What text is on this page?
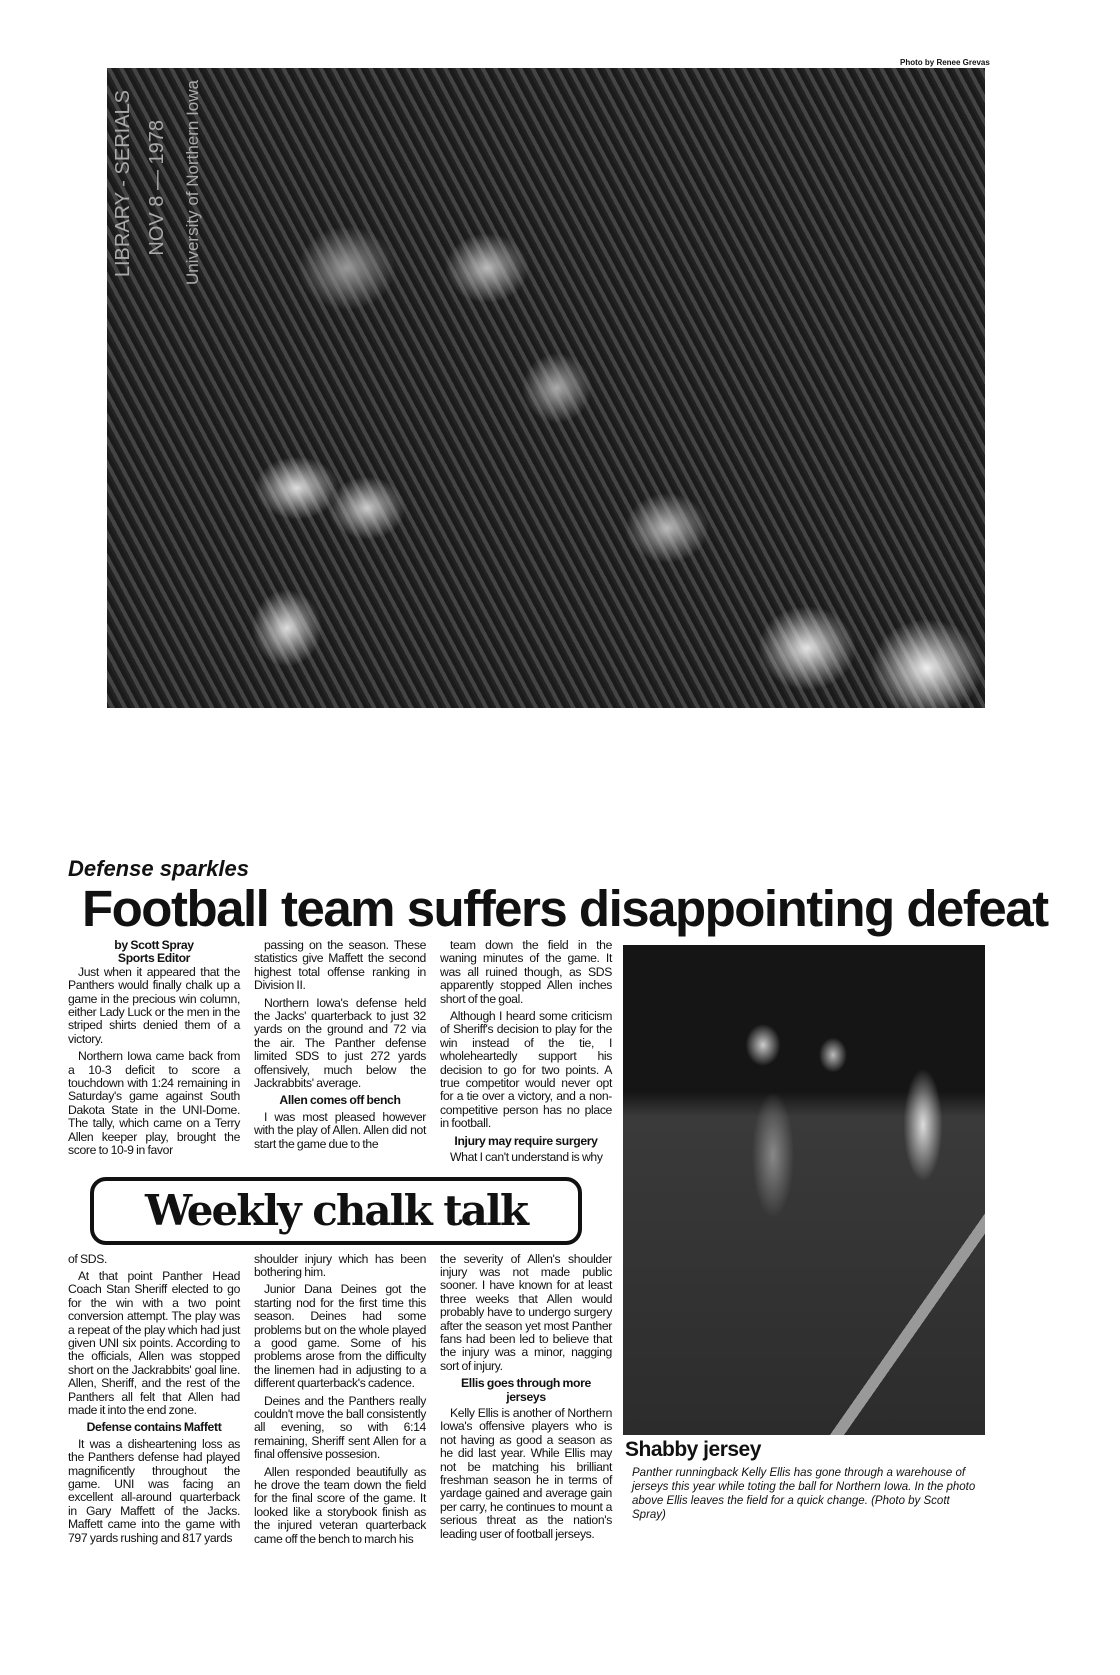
Photo by Renee Grevas
LIBRARY - SERIALS NOV 8 — 1978 University of Northern Iowa
Defense sparkles
Football team suffers disappointing defeat
by Scott Spray
Sports Editor

Just when it appeared that the Panthers would finally chalk up a game in the precious win column, either Lady Luck or the men in the striped shirts denied them of a victory.

Northern Iowa came back from a 10-3 deficit to score a touchdown with 1:24 remaining in Saturday's game against South Dakota State in the UNI-Dome. The tally, which came on a Terry Allen keeper play, brought the score to 10-9 in favor

passing on the season. These statistics give Maffett the second highest total offense ranking in Division II.

Northern Iowa's defense held the Jacks' quarterback to just 32 yards on the ground and 72 via the air. The Panther defense limited SDS to just 272 yards offensively, much below the Jackrabbits' average.

Allen comes off bench

I was most pleased however with the play of Allen. Allen did not start the game due to the

team down the field in the waning minutes of the game. It was all ruined though, as SDS apparently stopped Allen inches short of the goal.

Although I heard some criticism of Sheriff's decision to play for the win instead of the tie, I wholeheartedly support his decision to go for two points. A true competitor would never opt for a tie over a victory, and a non-competitive person has no place in football.

Injury may require surgery

What I can't understand is why

Weekly chalk talk

of SDS.

At that point Panther Head Coach Stan Sheriff elected to go for the win with a two point conversion attempt. The play was a repeat of the play which had just given UNI six points. According to the officials, Allen was stopped short on the Jackrabbits' goal line. Allen, Sheriff, and the rest of the Panthers all felt that Allen had made it into the end zone.

Defense contains Maffett

It was a disheartening loss as the Panthers defense had played magnificently throughout the game. UNI was facing an excellent all-around quarterback in Gary Maffett of the Jacks. Maffett came into the game with 797 yards rushing and 817 yards

shoulder injury which has been bothering him.

Junior Dana Deines got the starting nod for the first time this season. Deines had some problems but on the whole played a good game. Some of his problems arose from the difficulty the linemen had in adjusting to a different quarterback's cadence.

Deines and the Panthers really couldn't move the ball consistently all evening, so with 6:14 remaining, Sheriff sent Allen for a final offensive possesion.

Allen responded beautifully as he drove the team down the field for the final score of the game. It looked like a storybook finish as the injured veteran quarterback came off the bench to march his

the severity of Allen's shoulder injury was not made public sooner. I have known for at least three weeks that Allen would probably have to undergo surgery after the season yet most Panther fans had been led to believe that the injury was a minor, nagging sort of injury.

Ellis goes through more jerseys

Kelly Ellis is another of Northern Iowa's offensive players who is not having as good a season as he did last year. While Ellis may not be matching his brilliant freshman season he in terms of yardage gained and average gain per carry, he continues to mount a serious threat as the nation's leading user of football jerseys.

Shabby jersey
Panther runningback Kelly Ellis has gone through a warehouse of jerseys this year while toting the ball for Northern Iowa. In the photo above Ellis leaves the field for a quick change. (Photo by Scott Spray)
